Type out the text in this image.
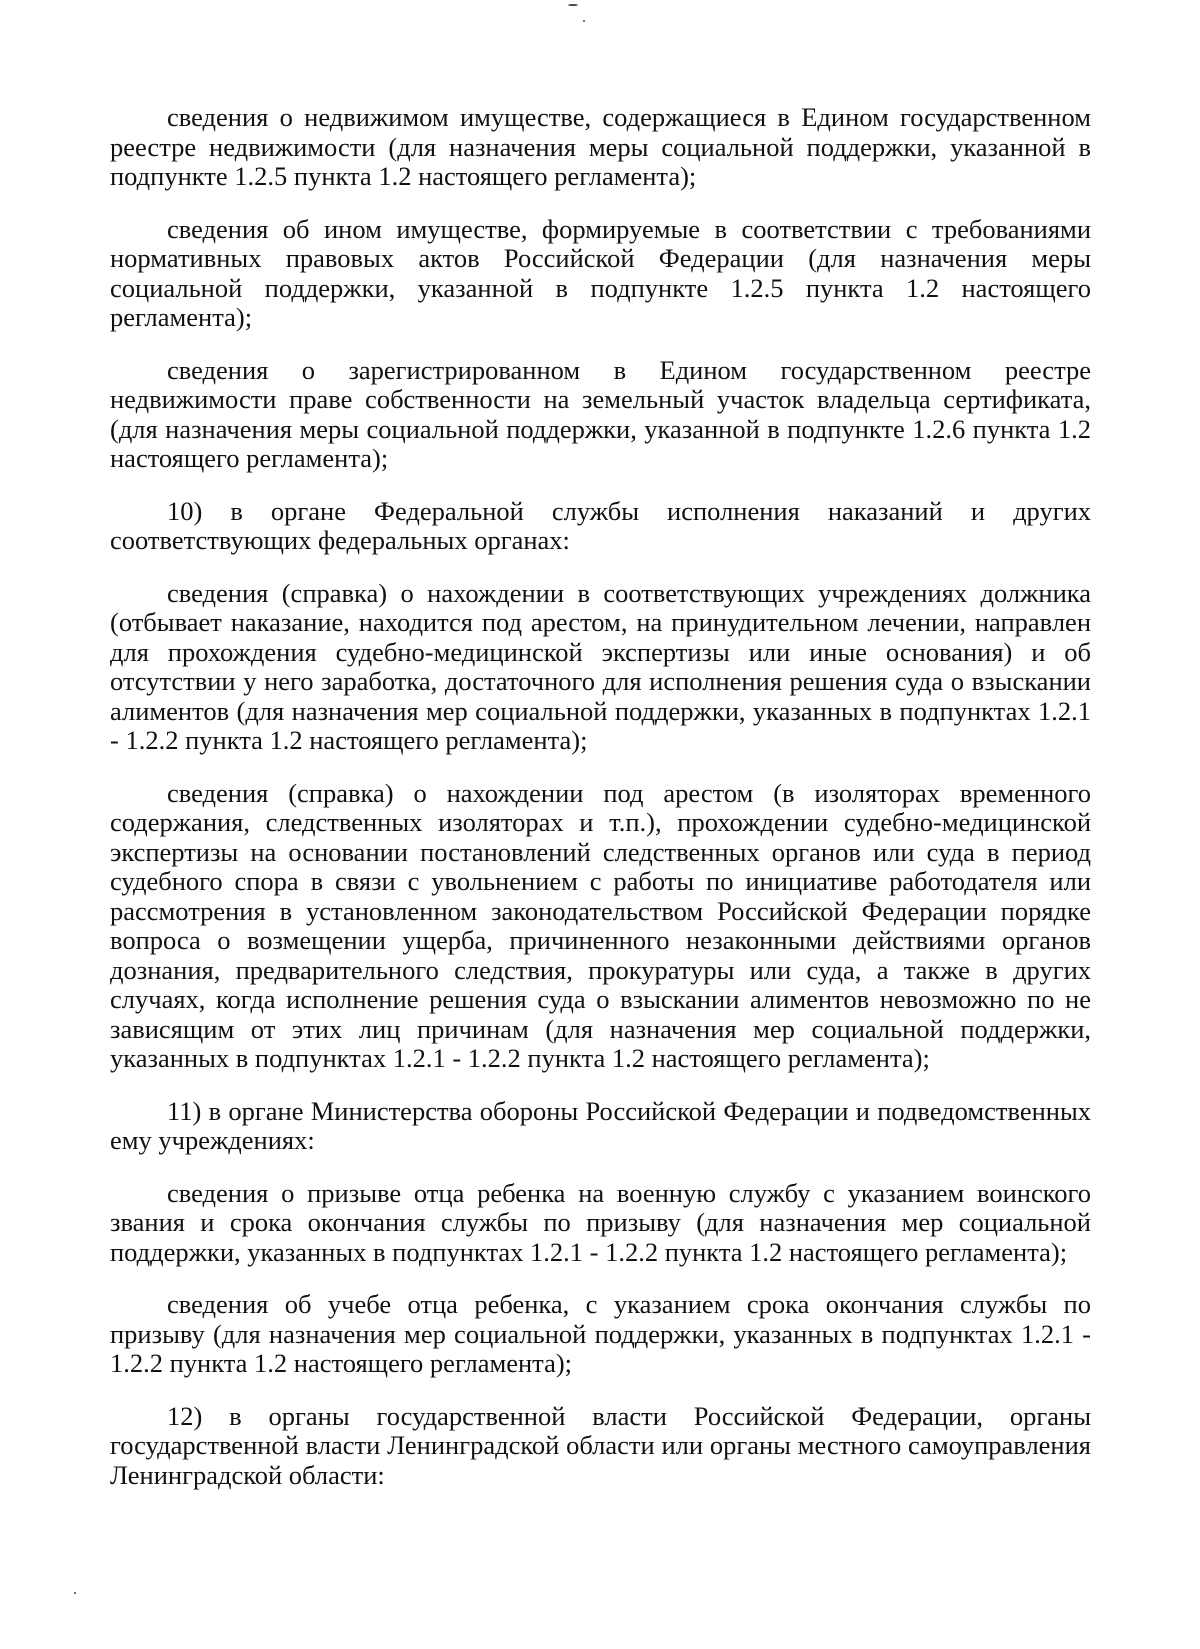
сведения о недвижимом имуществе, содержащиеся в Едином государственном реестре недвижимости (для назначения меры социальной поддержки, указанной в подпункте 1.2.5 пункта 1.2 настоящего регламента);

сведения об ином имуществе, формируемые в соответствии с требованиями нормативных правовых актов Российской Федерации (для назначения меры социальной поддержки, указанной в подпункте 1.2.5 пункта 1.2 настоящего регламента);

сведения о зарегистрированном в Едином государственном реестре недвижимости праве собственности на земельный участок владельца сертификата, (для назначения меры социальной поддержки, указанной в подпункте 1.2.6 пункта 1.2 настоящего регламента);

10) в органе Федеральной службы исполнения наказаний и других соответствующих федеральных органах:

сведения (справка) о нахождении в соответствующих учреждениях должника (отбывает наказание, находится под арестом, на принудительном лечении, направлен для прохождения судебно-медицинской экспертизы или иные основания) и об отсутствии у него заработка, достаточного для исполнения решения суда о взыскании алиментов (для назначения мер социальной поддержки, указанных в подпунктах 1.2.1 - 1.2.2 пункта 1.2 настоящего регламента);

сведения (справка) о нахождении под арестом (в изоляторах временного содержания, следственных изоляторах и т.п.), прохождении судебно-медицинской экспертизы на основании постановлений следственных органов или суда в период судебного спора в связи с увольнением с работы по инициативе работодателя или рассмотрения в установленном законодательством Российской Федерации порядке вопроса о возмещении ущерба, причиненного незаконными действиями органов дознания, предварительного следствия, прокуратуры или суда, а также в других случаях, когда исполнение решения суда о взыскании алиментов невозможно по не зависящим от этих лиц причинам (для назначения мер социальной поддержки, указанных в подпунктах 1.2.1 - 1.2.2 пункта 1.2 настоящего регламента);

11) в органе Министерства обороны Российской Федерации и подведомственных ему учреждениях:

сведения о призыве отца ребенка на военную службу с указанием воинского звания и срока окончания службы по призыву (для назначения мер социальной поддержки, указанных в подпунктах 1.2.1 - 1.2.2 пункта 1.2 настоящего регламента);

сведения об учебе отца ребенка, с указанием срока окончания службы по призыву (для назначения мер социальной поддержки, указанных в подпунктах 1.2.1 - 1.2.2 пункта 1.2 настоящего регламента);

12) в органы государственной власти Российской Федерации, органы государственной власти Ленинградской области или органы местного самоуправления Ленинградской области:
